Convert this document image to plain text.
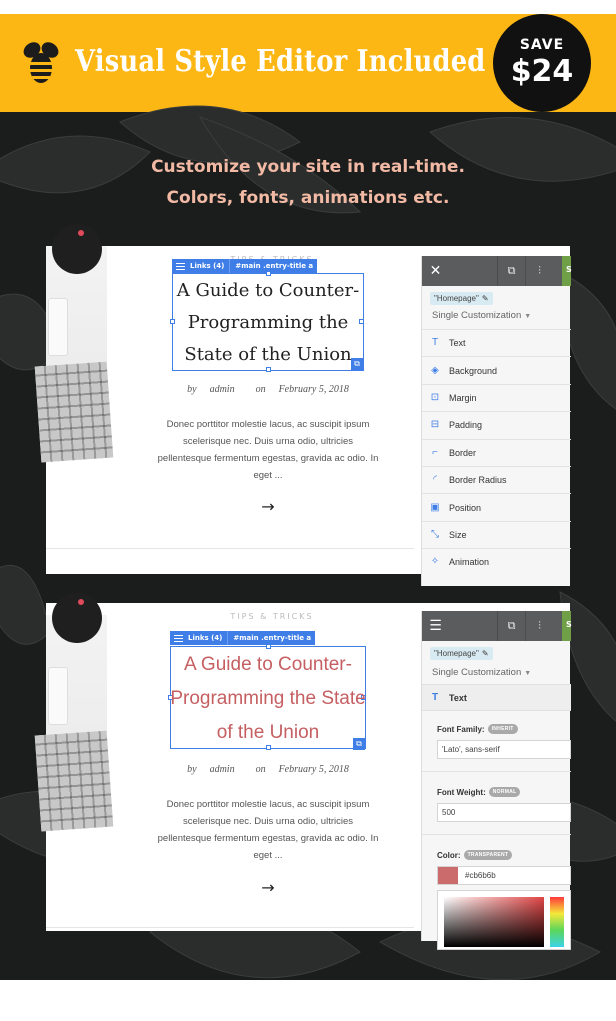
Visual Style Editor Included	SAVE
$24
Customize your site in real-time.
Colors, fonts, animations etc.
Links (4) #main .entry-title a
⧉
A Guide to Counter-Programming the State of the Union
by admin on February 5, 2018
Donec porttitor molestie lacus, ac suscipit ipsum scelerisque nec. Duis urna odio, ultricies pellentesque fermentum egestas, gravida ac odio. In eget ...
→
✕	⧉	⫶	S
"Homepage" ✎
Single Customization ▼
T	Text
◈ Background
⊡ Margin
⊟ Padding
⌐	Border
◜	Border Radius
▣ Position
⤡ Size
✧ Animation
TIPS & TRICKS
Links (4) #main .entry-title a
⧉
A Guide to Counter-Programming the State of the Union
by admin on February 5, 2018
Donec porttitor molestie lacus, ac suscipit ipsum scelerisque nec. Duis urna odio, ultricies pellentesque fermentum egestas, gravida ac odio. In eget ...
→
☰	⧉	⫶	S
"Homepage" ✎
Single Customization ▼
T	Text
Font Family:	INHERIT
'Lato', sans-serif
Font Weight:	NORMAL
500
Color:	TRANSPARENT
#cb6b6b
